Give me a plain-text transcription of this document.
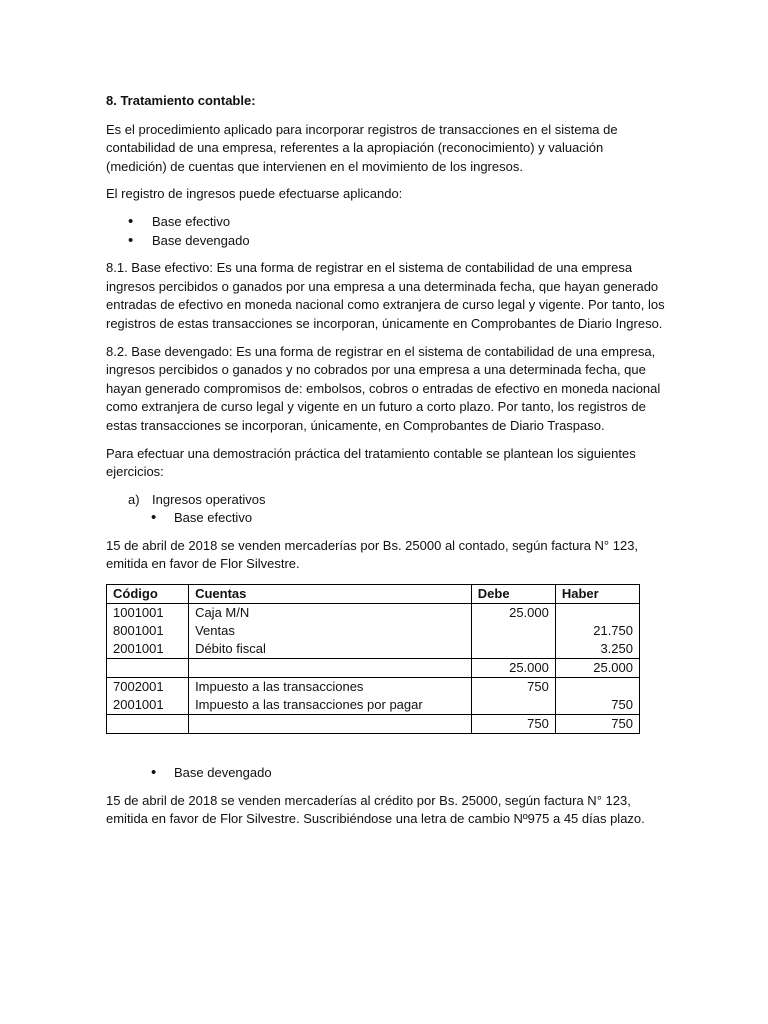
8. Tratamiento contable:

Es el procedimiento aplicado para incorporar registros de transacciones en el sistema de contabilidad de una empresa, referentes a la apropiación (reconocimiento) y valuación (medición) de cuentas que intervienen en el movimiento de los ingresos.

El registro de ingresos puede efectuarse aplicando:

• Base efectivo
• Base devengado

8.1. Base efectivo: Es una forma de registrar en el sistema de contabilidad de una empresa ingresos percibidos o ganados por una empresa a una determinada fecha, que hayan generado entradas de efectivo en moneda nacional como extranjera de curso legal y vigente. Por tanto, los registros de estas transacciones se incorporan, únicamente en Comprobantes de Diario Ingreso.

8.2. Base devengado: Es una forma de registrar en el sistema de contabilidad de una empresa, ingresos percibidos o ganados y no cobrados por una empresa a una determinada fecha, que hayan generado compromisos de: embolsos, cobros o entradas de efectivo en moneda nacional como extranjera de curso legal y vigente en un futuro a corto plazo. Por tanto, los registros de estas transacciones se incorporan, únicamente, en Comprobantes de Diario Traspaso.

Para efectuar una demostración práctica del tratamiento contable se plantean los siguientes ejercicios:

a) Ingresos operativos
• Base efectivo

15 de abril de 2018 se venden mercaderías por Bs. 25000 al contado, según factura N° 123, emitida en favor de Flor Silvestre.

Código	Cuentas	Debe	Haber
1001001	Caja M/N	25.000	
8001001	Ventas		21.750
2001001	Débito fiscal		3.250
		25.000	25.000
7002001	Impuesto a las transacciones	750	
2001001	Impuesto a las transacciones por pagar		750
		750	750
• Base devengado

15 de abril de 2018 se venden mercaderías al crédito por Bs. 25000, según factura N° 123, emitida en favor de Flor Silvestre. Suscribiéndose una letra de cambio Nº975 a 45 días plazo.
